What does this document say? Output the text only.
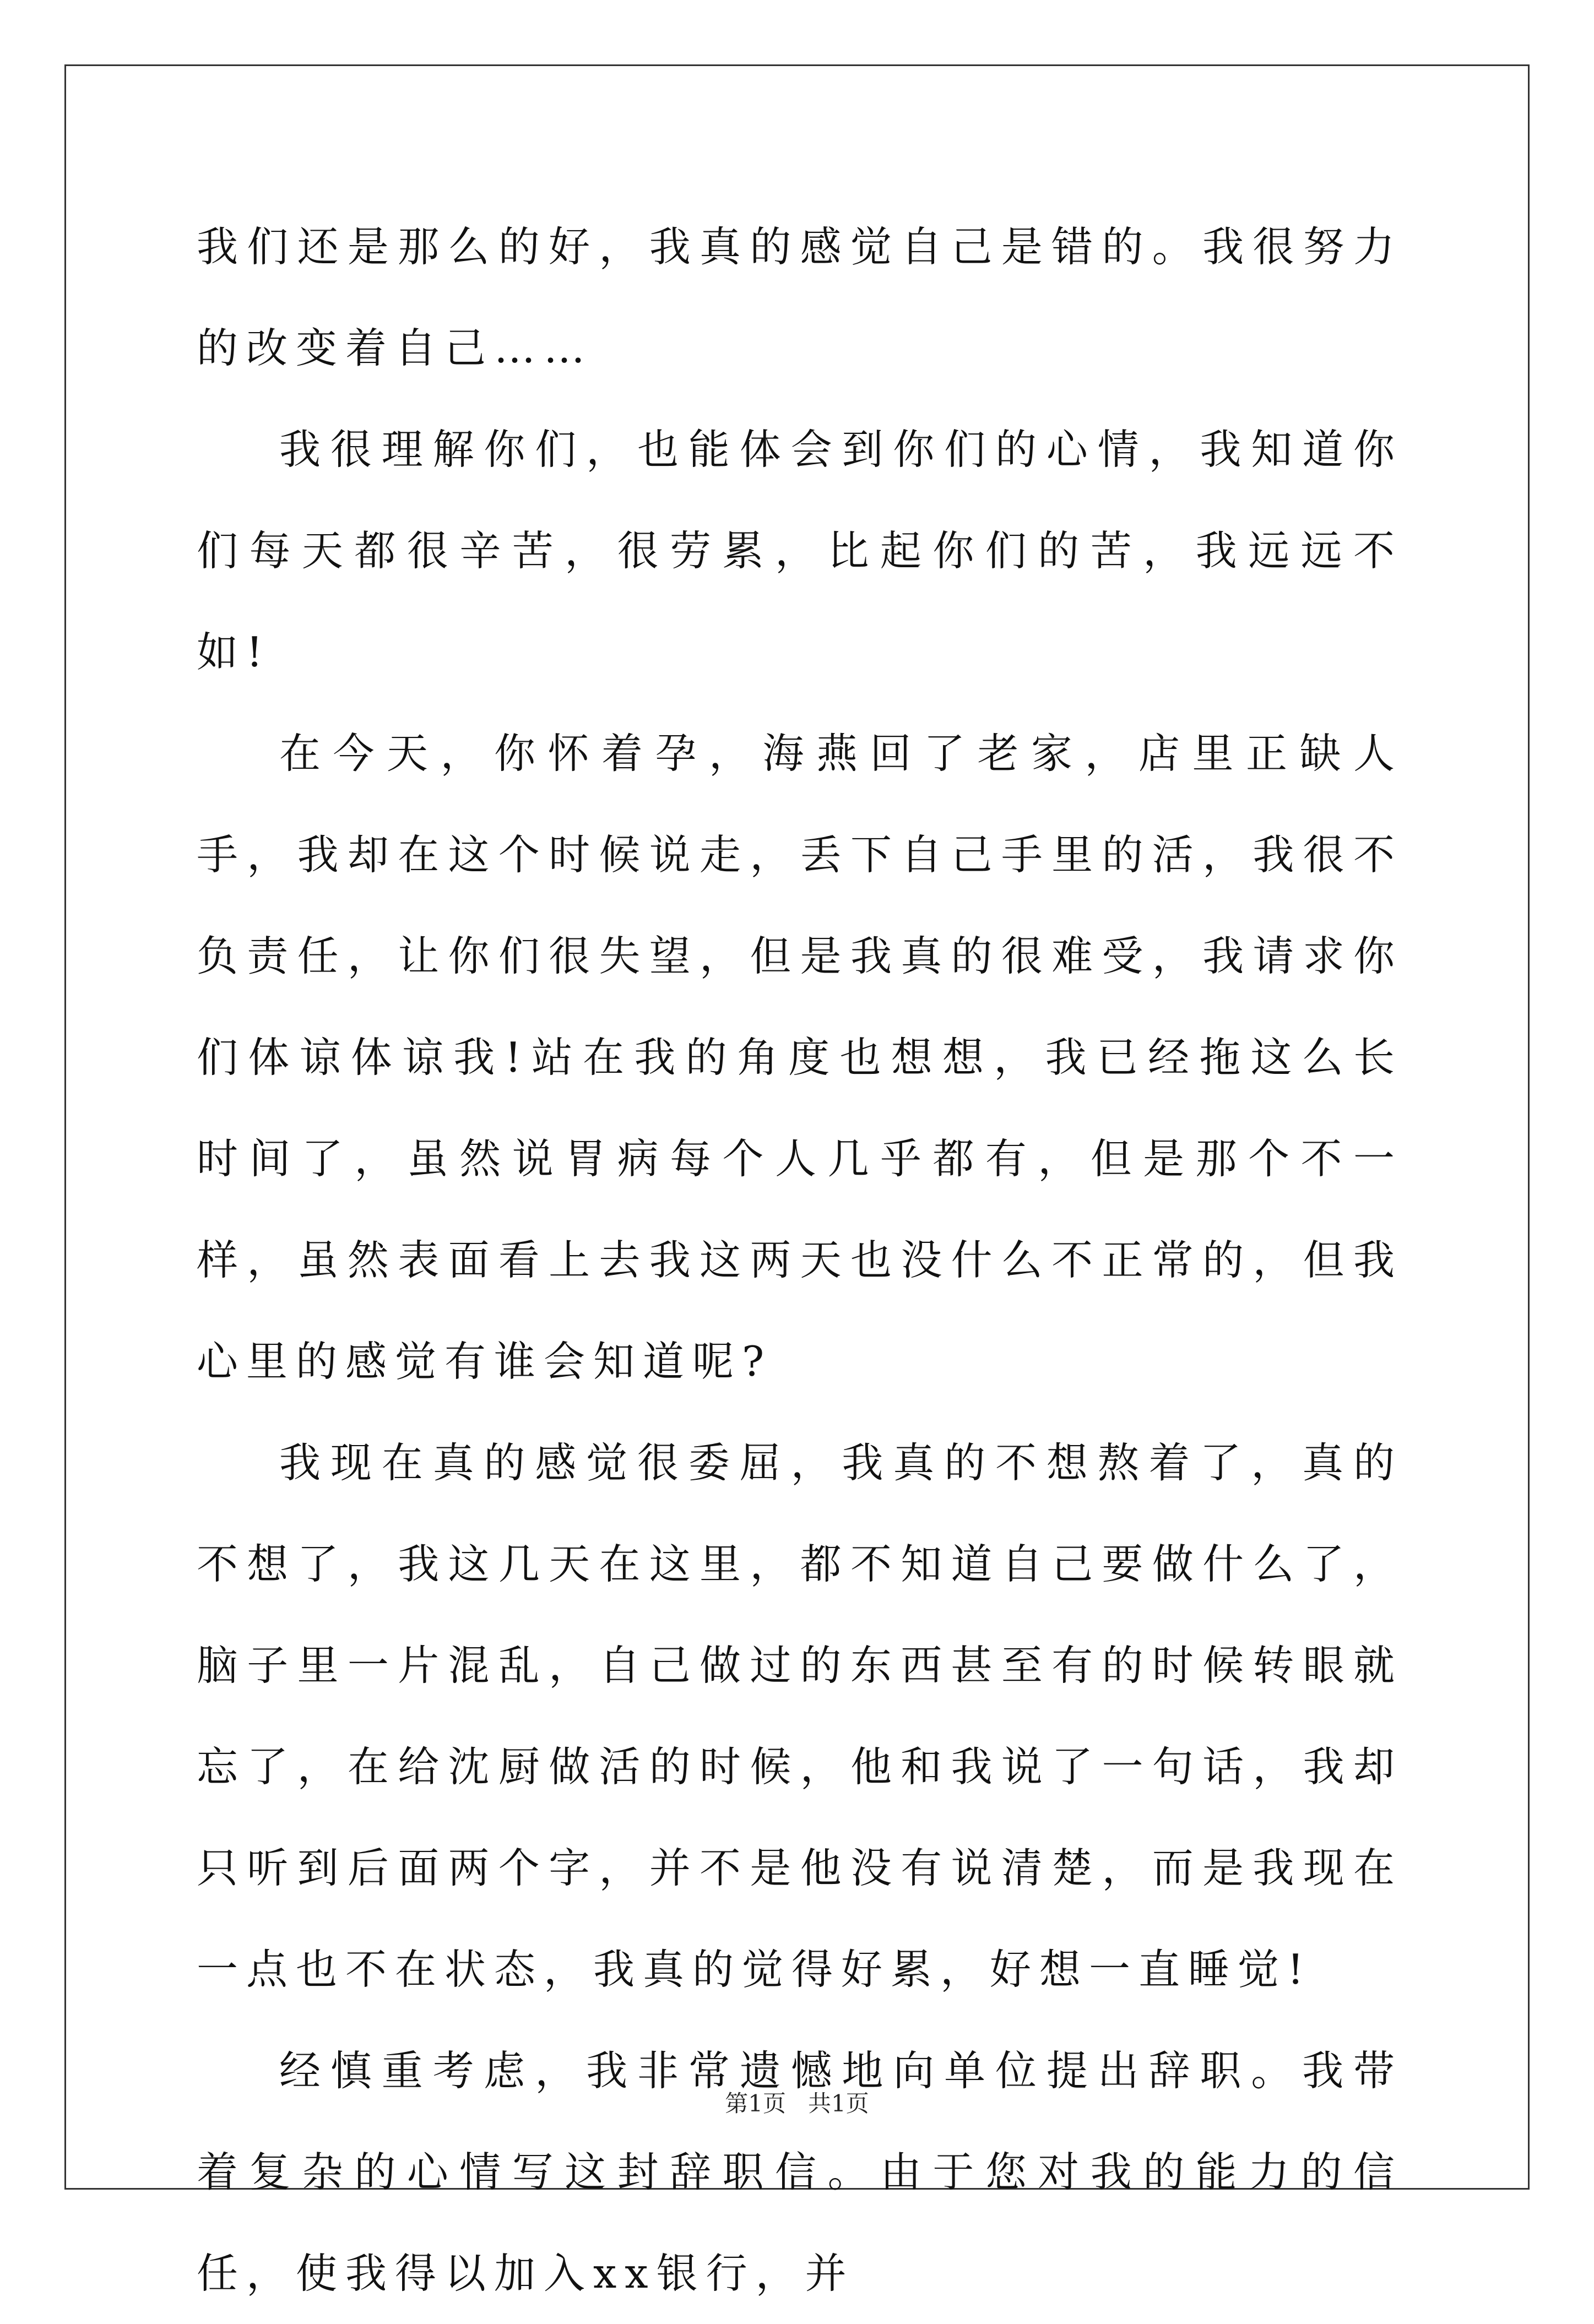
我们还是那么的好，我真的感觉自己是错的。我很努力的改变着自己……

我很理解你们，也能体会到你们的心情，我知道你们每天都很辛苦，很劳累，比起你们的苦，我远远不如!

在今天，你怀着孕，海燕回了老家，店里正缺人手，我却在这个时候说走，丢下自己手里的活，我很不负责任，让你们很失望，但是我真的很难受，我请求你们体谅体谅我!站在我的角度也想想，我已经拖这么长时间了，虽然说胃病每个人几乎都有，但是那个不一样，虽然表面看上去我这两天也没什么不正常的，但我心里的感觉有谁会知道呢?

我现在真的感觉很委屈，我真的不想熬着了，真的不想了，我这几天在这里，都不知道自己要做什么了，脑子里一片混乱，自己做过的东西甚至有的时候转眼就忘了，在给沈厨做活的时候，他和我说了一句话，我却只听到后面两个字，并不是他没有说清楚，而是我现在一点也不在状态，我真的觉得好累，好想一直睡觉!

经慎重考虑，我非常遗憾地向单位提出辞职。我带着复杂的心情写这封辞职信。由于您对我的能力的信任，使我得以加入xx银行，并

第1页   共1页
